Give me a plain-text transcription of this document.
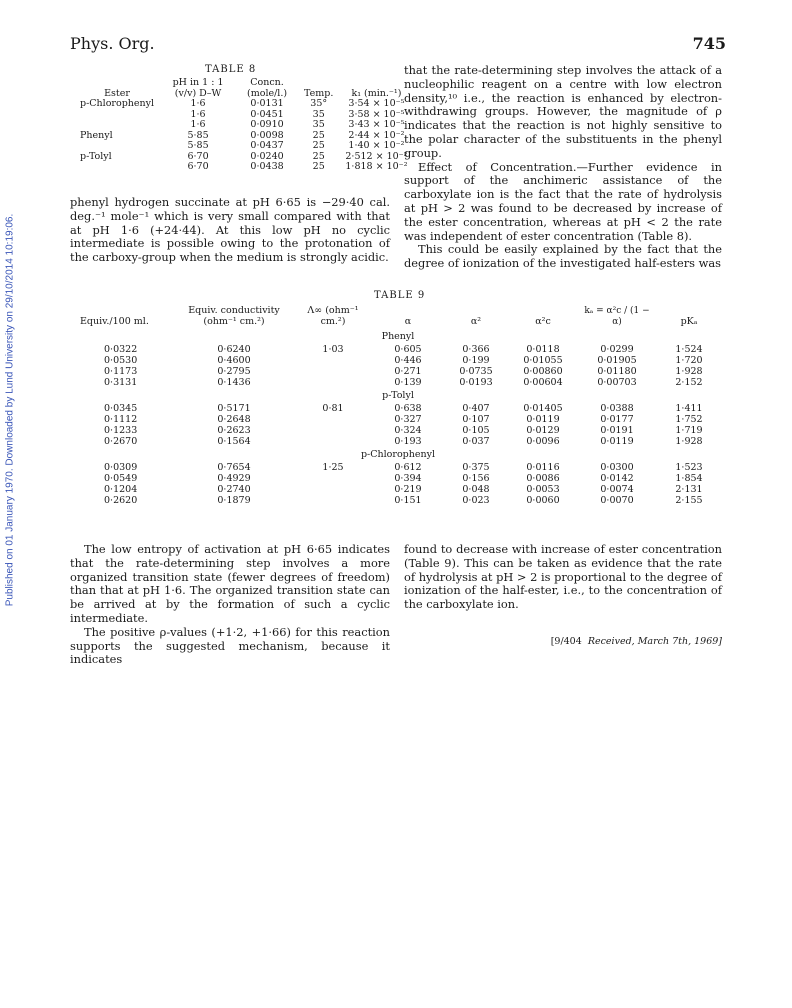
Published on 01 January 1970. Downloaded by Lund University on 29/10/2014 10:19:06.
Phys. Org.	745
TABLE 8
Ester	pH in 1 : 1 (v/v) D–W	Concn. (mole/l.)	Temp.	k₁ (min.⁻¹)
p-Chlorophenyl	1·6	0·0131	35°	3·54 × 10⁻⁵
	1·6	0·0451	35	3·58 × 10⁻⁵
	1·6	0·0910	35	3·43 × 10⁻⁵
Phenyl	5·85	0·0098	25	2·44 × 10⁻²
	5·85	0·0437	25	1·40 × 10⁻²
p-Tolyl	6·70	0·0240	25	2·512 × 10⁻²
	6·70	0·0438	25	1·818 × 10⁻²

phenyl hydrogen succinate at pH 6·65 is −29·40 cal. deg.⁻¹ mole⁻¹ which is very small compared with that at pH 1·6 (+24·44). At this low pH no cyclic intermediate is possible owing to the protonation of the carboxy-group when the medium is strongly acidic.

that the rate-determining step involves the attack of a nucleophilic reagent on a centre with low electron density,¹⁰ i.e., the reaction is enhanced by electron-withdrawing groups. However, the magnitude of ρ indicates that the reaction is not highly sensitive to the polar character of the substituents in the phenyl group.

Effect of Concentration.—Further evidence in support of the anchimeric assistance of the carboxylate ion is the fact that the rate of hydrolysis at pH > 2 was found to be decreased by increase of the ester concentration, whereas at pH < 2 the rate was independent of ester concentration (Table 8).

This could be easily explained by the fact that the degree of ionization of the investigated half-esters was

TABLE 9
Equiv./100 ml.	Equiv. conductivity (ohm⁻¹ cm.²)	Λ∞ (ohm⁻¹ cm.²)	α	α²	α²c	kₐ = α²c / (1 − α)	pKₐ
Phenyl							
0·0322	0·6240	1·03	0·605	0·366	0·0118	0·0299	1·524
0·0530	0·4600		0·446	0·199	0·01055	0·01905	1·720
0·1173	0·2795		0·271	0·0735	0·00860	0·01180	1·928
0·3131	0·1436		0·139	0·0193	0·00604	0·00703	2·152
p-Tolyl							
0·0345	0·5171	0·81	0·638	0·407	0·01405	0·0388	1·411
0·1112	0·2648		0·327	0·107	0·0119	0·0177	1·752
0·1233	0·2623		0·324	0·105	0·0129	0·0191	1·719
0·2670	0·1564		0·193	0·037	0·0096	0·0119	1·928
p-Chlorophenyl							
0·0309	0·7654	1·25	0·612	0·375	0·0116	0·0300	1·523
0·0549	0·4929		0·394	0·156	0·0086	0·0142	1·854
0·1204	0·2740		0·219	0·048	0·0053	0·0074	2·131
0·2620	0·1879		0·151	0·023	0·0060	0·0070	2·155

The low entropy of activation at pH 6·65 indicates that the rate-determining step involves a more organized transition state (fewer degrees of freedom) than that at pH 1·6. The organized transition state can be arrived at by the formation of such a cyclic intermediate.

The positive ρ-values (+1·2, +1·66) for this reaction supports the suggested mechanism, because it indicates

found to decrease with increase of ester concentration (Table 9). This can be taken as evidence that the rate of hydrolysis at pH > 2 is proportional to the degree of ionization of the half-ester, i.e., to the concentration of the carboxylate ion.

[9/404 Received, March 7th, 1969]
